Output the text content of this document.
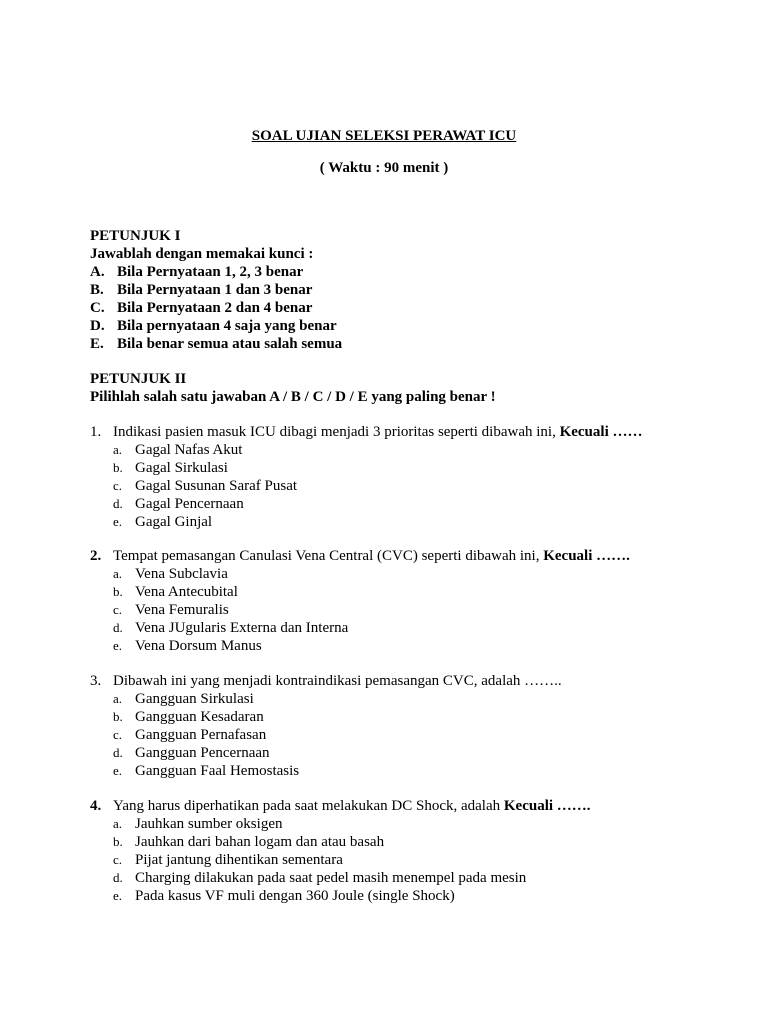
SOAL UJIAN SELEKSI PERAWAT ICU
( Waktu : 90 menit )
PETUNJUK I
Jawablah dengan memakai kunci :
A. Bila Pernyataan 1, 2, 3 benar
B. Bila Pernyataan 1 dan 3 benar
C. Bila Pernyataan 2 dan 4 benar
D. Bila pernyataan 4 saja yang benar
E. Bila benar semua atau salah semua
PETUNJUK II
Pilihlah salah satu jawaban A / B / C / D / E yang paling benar !
1. Indikasi pasien masuk ICU dibagi menjadi 3 prioritas seperti dibawah ini,
Kecuali ……
a. Gagal Nafas Akut
b. Gagal Sirkulasi
c. Gagal Susunan Saraf Pusat
d. Gagal Pencernaan
e. Gagal Ginjal
2. Tempat pemasangan Canulasi Vena Central (CVC) seperti dibawah ini,
Kecuali …….
a. Vena Subclavia
b. Vena Antecubital
c. Vena Femuralis
d. Vena JUgularis Externa dan Interna
e. Vena Dorsum Manus
3. Dibawah ini yang menjadi kontraindikasi pemasangan CVC, adalah ……..
a. Gangguan Sirkulasi
b. Gangguan Kesadaran
c. Gangguan Pernafasan
d. Gangguan Pencernaan
e. Gangguan Faal Hemostasis
4. Yang harus diperhatikan pada saat melakukan DC Shock, adalah
Kecuali …….
a. Jauhkan sumber oksigen
b. Jauhkan dari bahan logam dan atau basah
c. Pijat jantung dihentikan sementara
d. Charging dilakukan pada saat pedel masih menempel pada mesin
e. Pada kasus VF muli dengan 360 Joule (single Shock)
